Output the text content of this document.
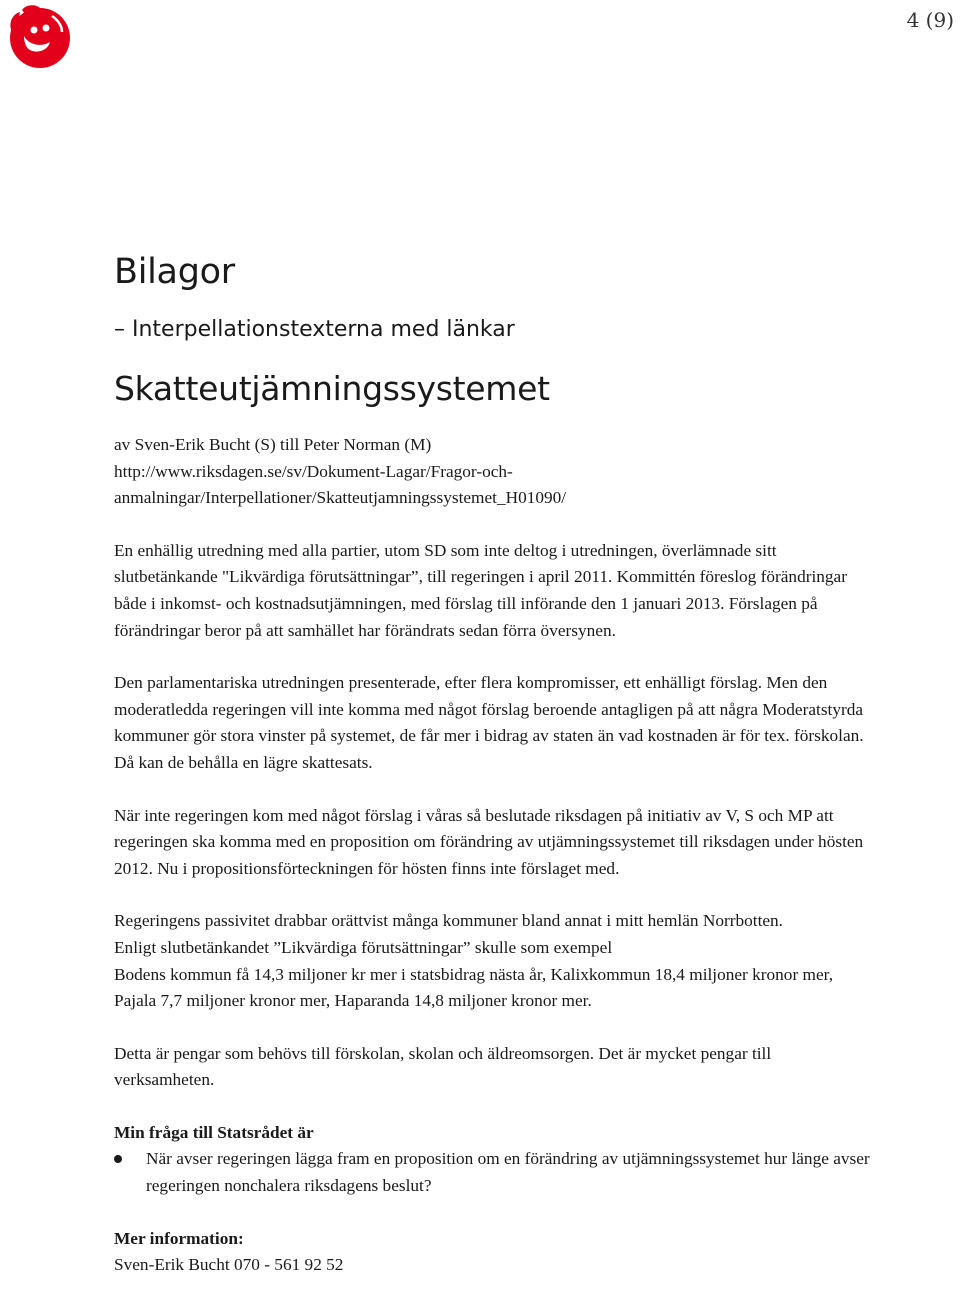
4 (9)
Bilagor
– Interpellationstexterna med länkar
Skatteutjämningssystemet
av Sven-Erik Bucht (S) till Peter Norman (M)
http://www.riksdagen.se/sv/Dokument-Lagar/Fragor-och-
anmalningar/Interpellationer/Skatteutjamningssystemet_H01090/

En enhällig utredning med alla partier, utom SD som inte deltog i utredningen, överlämnade sitt slutbetänkande "Likvärdiga förutsättningar”, till regeringen i april 2011. Kommittén föreslog förändringar både i inkomst- och kostnadsutjämningen, med förslag till införande den 1 januari 2013. Förslagen på förändringar beror på att samhället har förändrats sedan förra översynen.

Den parlamentariska utredningen presenterade, efter flera kompromisser, ett enhälligt förslag. Men den moderatledda regeringen vill inte komma med något förslag beroende antagligen på att några Moderatstyrda kommuner gör stora vinster på systemet, de får mer i bidrag av staten än vad kostnaden är för tex. förskolan. Då kan de behålla en lägre skattesats.

När inte regeringen kom med något förslag i våras så beslutade riksdagen på initiativ av V, S och MP att regeringen ska komma med en proposition om förändring av utjämningssystemet till riksdagen under hösten 2012. Nu i propositionsförteckningen för hösten finns inte förslaget med.

Regeringens passivitet drabbar orättvist många kommuner bland annat i mitt hemlän Norrbotten.
Enligt slutbetänkandet ”Likvärdiga förutsättningar” skulle som exempel
Bodens kommun få 14,3 miljoner kr mer i statsbidrag nästa år, Kalixkommun 18,4 miljoner kronor mer, Pajala 7,7 miljoner kronor mer, Haparanda 14,8 miljoner kronor mer.

Detta är pengar som behövs till förskolan, skolan och äldreomsorgen. Det är mycket pengar till verksamheten.

Min fråga till Statsrådet är
När avser regeringen lägga fram en proposition om en förändring av utjämningssystemet hur länge avser regeringen nonchalera riksdagens beslut?
Mer information:
Sven-Erik Bucht 070 - 561 92 52
